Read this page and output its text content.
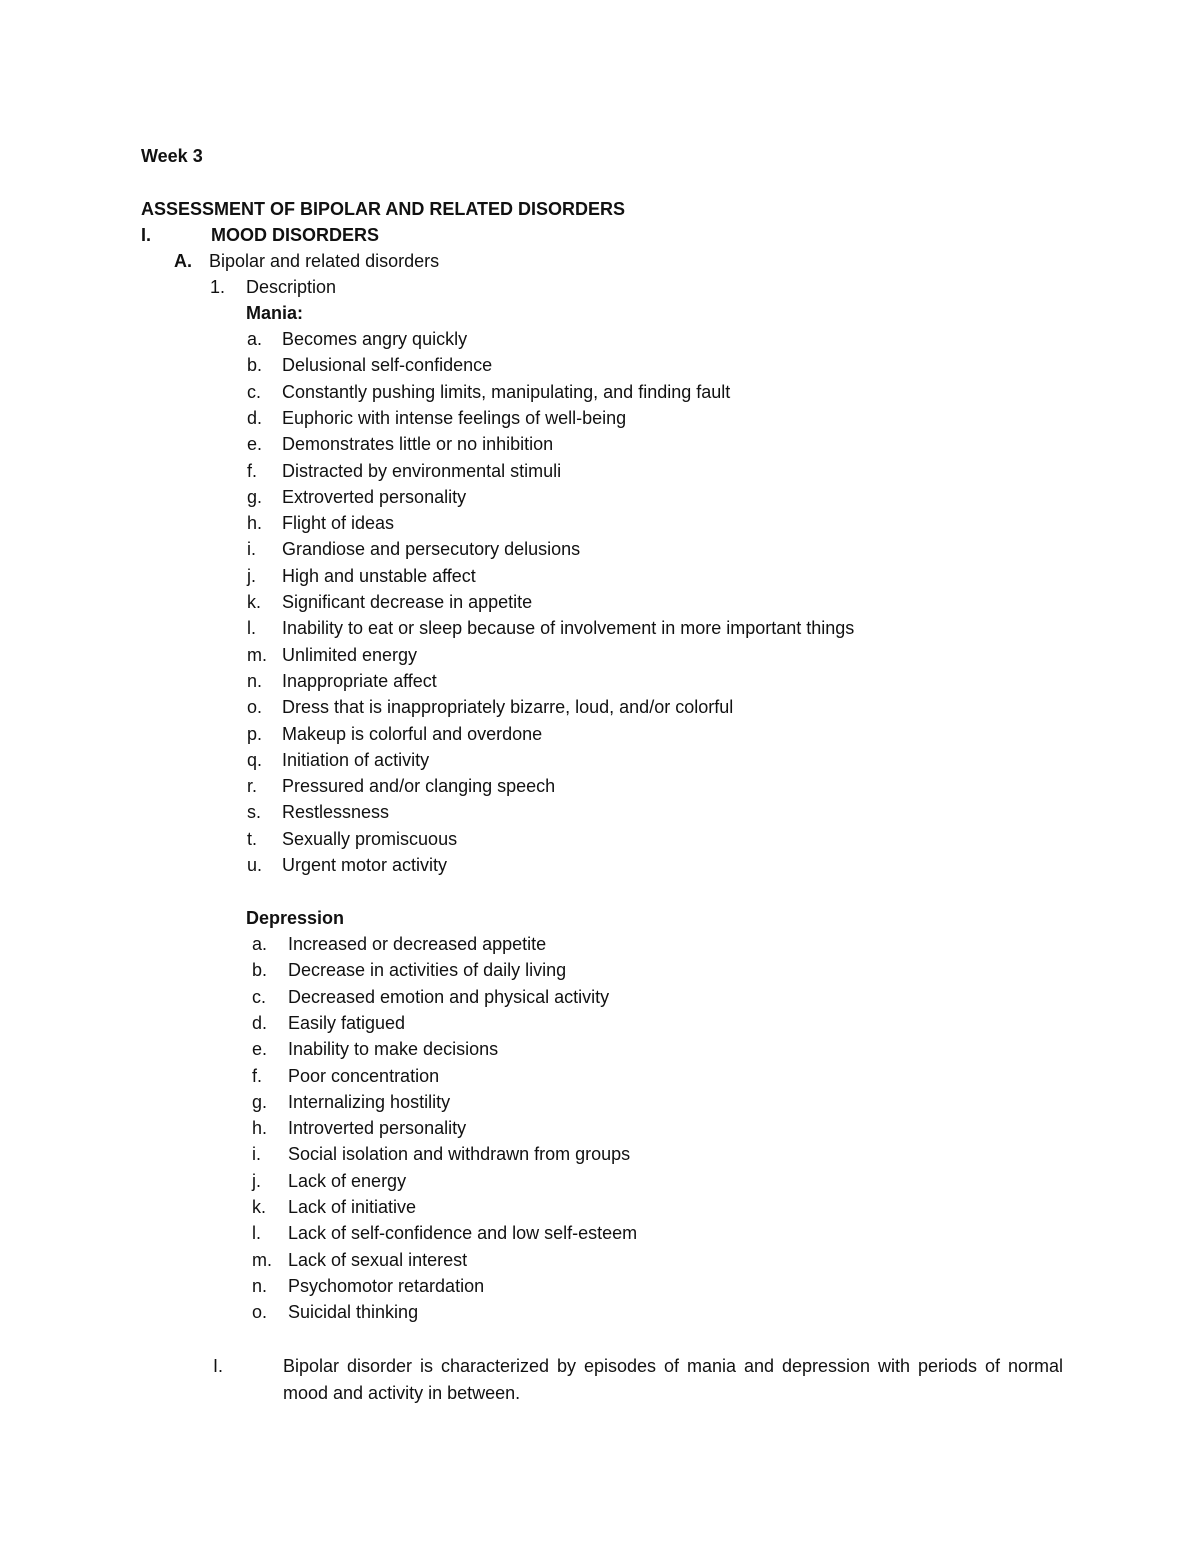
Week 3
ASSESSMENT OF BIPOLAR AND RELATED DISORDERS
I.	MOOD DISORDERS
A. Bipolar and related disorders
1. Description
Mania:
a. Becomes angry quickly
b. Delusional self-confidence
c. Constantly pushing limits, manipulating, and finding fault
d. Euphoric with intense feelings of well-being
e. Demonstrates little or no inhibition
f. Distracted by environmental stimuli
g. Extroverted personality
h. Flight of ideas
i. Grandiose and persecutory delusions
j. High and unstable affect
k. Significant decrease in appetite
l. Inability to eat or sleep because of involvement in more important things
m. Unlimited energy
n. Inappropriate affect
o. Dress that is inappropriately bizarre, loud, and/or colorful
p. Makeup is colorful and overdone
q. Initiation of activity
r. Pressured and/or clanging speech
s. Restlessness
t. Sexually promiscuous
u. Urgent motor activity
Depression
a. Increased or decreased appetite
b. Decrease in activities of daily living
c. Decreased emotion and physical activity
d. Easily fatigued
e. Inability to make decisions
f. Poor concentration
g. Internalizing hostility
h. Introverted personality
i. Social isolation and withdrawn from groups
j. Lack of energy
k. Lack of initiative
l. Lack of self-confidence and low self-esteem
m. Lack of sexual interest
n. Psychomotor retardation
o. Suicidal thinking
I.	Bipolar disorder is characterized by episodes of mania and depression with periods of normal mood and activity in between.
